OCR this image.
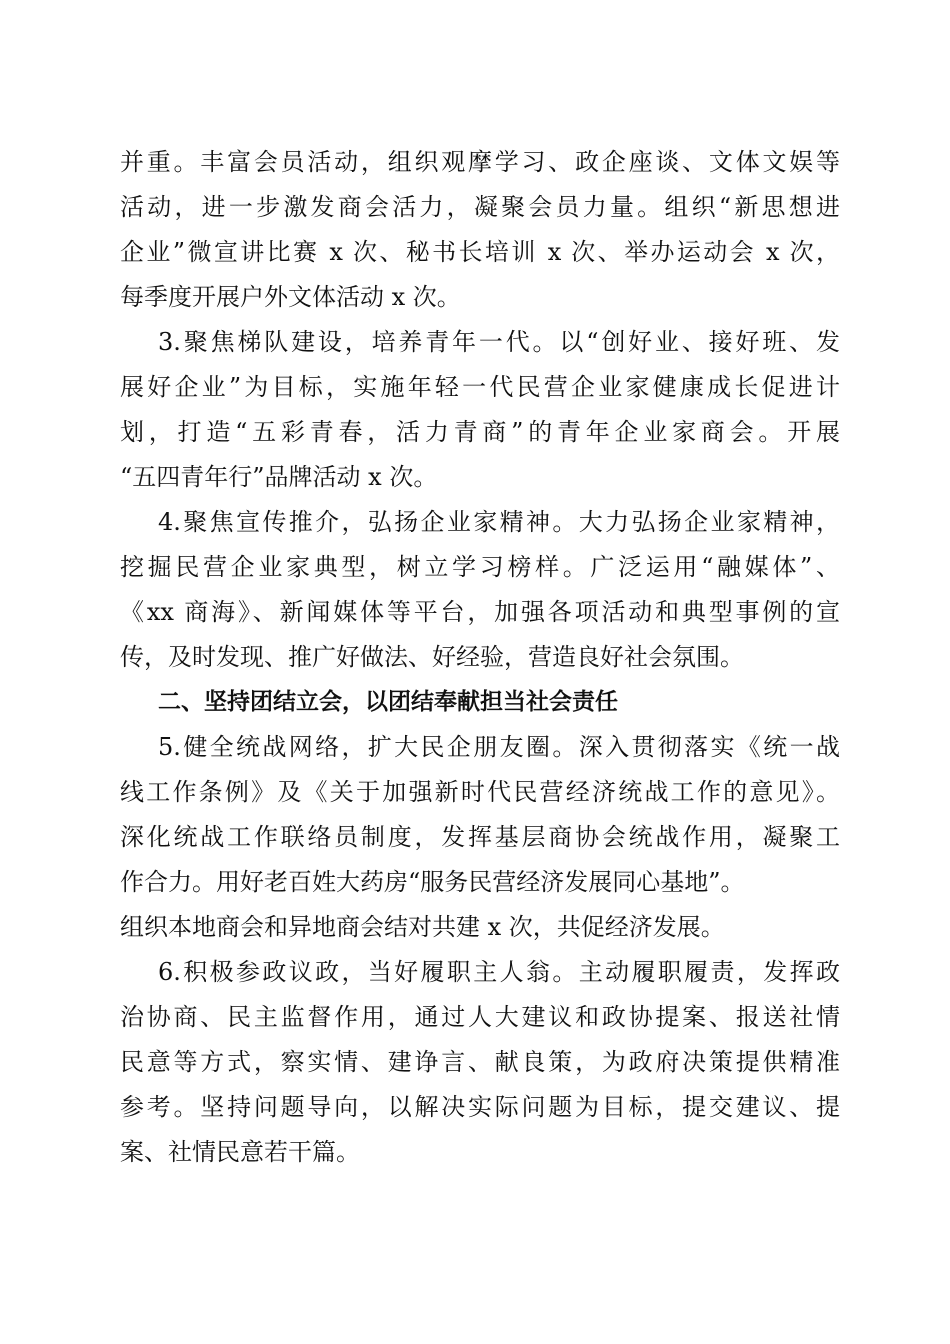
并重。丰富会员活动，组织观摩学习、政企座谈、文体文娱等
活动，进一步激发商会活力，凝聚会员力量。组织“新思想进
企业”微宣讲比赛 x 次、秘书长培训 x 次、举办运动会 x 次，
每季度开展户外文体活动 x 次。
3.聚焦梯队建设，培养青年一代。以“创好业、接好班、发
展好企业”为目标，实施年轻一代民营企业家健康成长促进计
划，打造“五彩青春，活力青商”的青年企业家商会。开展
“五四青年行”品牌活动 x 次。
4.聚焦宣传推介，弘扬企业家精神。大力弘扬企业家精神，
挖掘民营企业家典型，树立学习榜样。广泛运用“融媒体”、
《xx 商海》、新闻媒体等平台，加强各项活动和典型事例的宣
传，及时发现、推广好做法、好经验，营造良好社会氛围。
二、坚持团结立会，以团结奉献担当社会责任
5.健全统战网络，扩大民企朋友圈。深入贯彻落实《统一战
线工作条例》及《关于加强新时代民营经济统战工作的意见》。
深化统战工作联络员制度，发挥基层商协会统战作用，凝聚工
作合力。用好老百姓大药房“服务民营经济发展同心基地”。
组织本地商会和异地商会结对共建 x 次，共促经济发展。
6.积极参政议政，当好履职主人翁。主动履职履责，发挥政
治协商、民主监督作用，通过人大建议和政协提案、报送社情
民意等方式，察实情、建诤言、献良策，为政府决策提供精准
参考。坚持问题导向，以解决实际问题为目标，提交建议、提
案、社情民意若干篇。
